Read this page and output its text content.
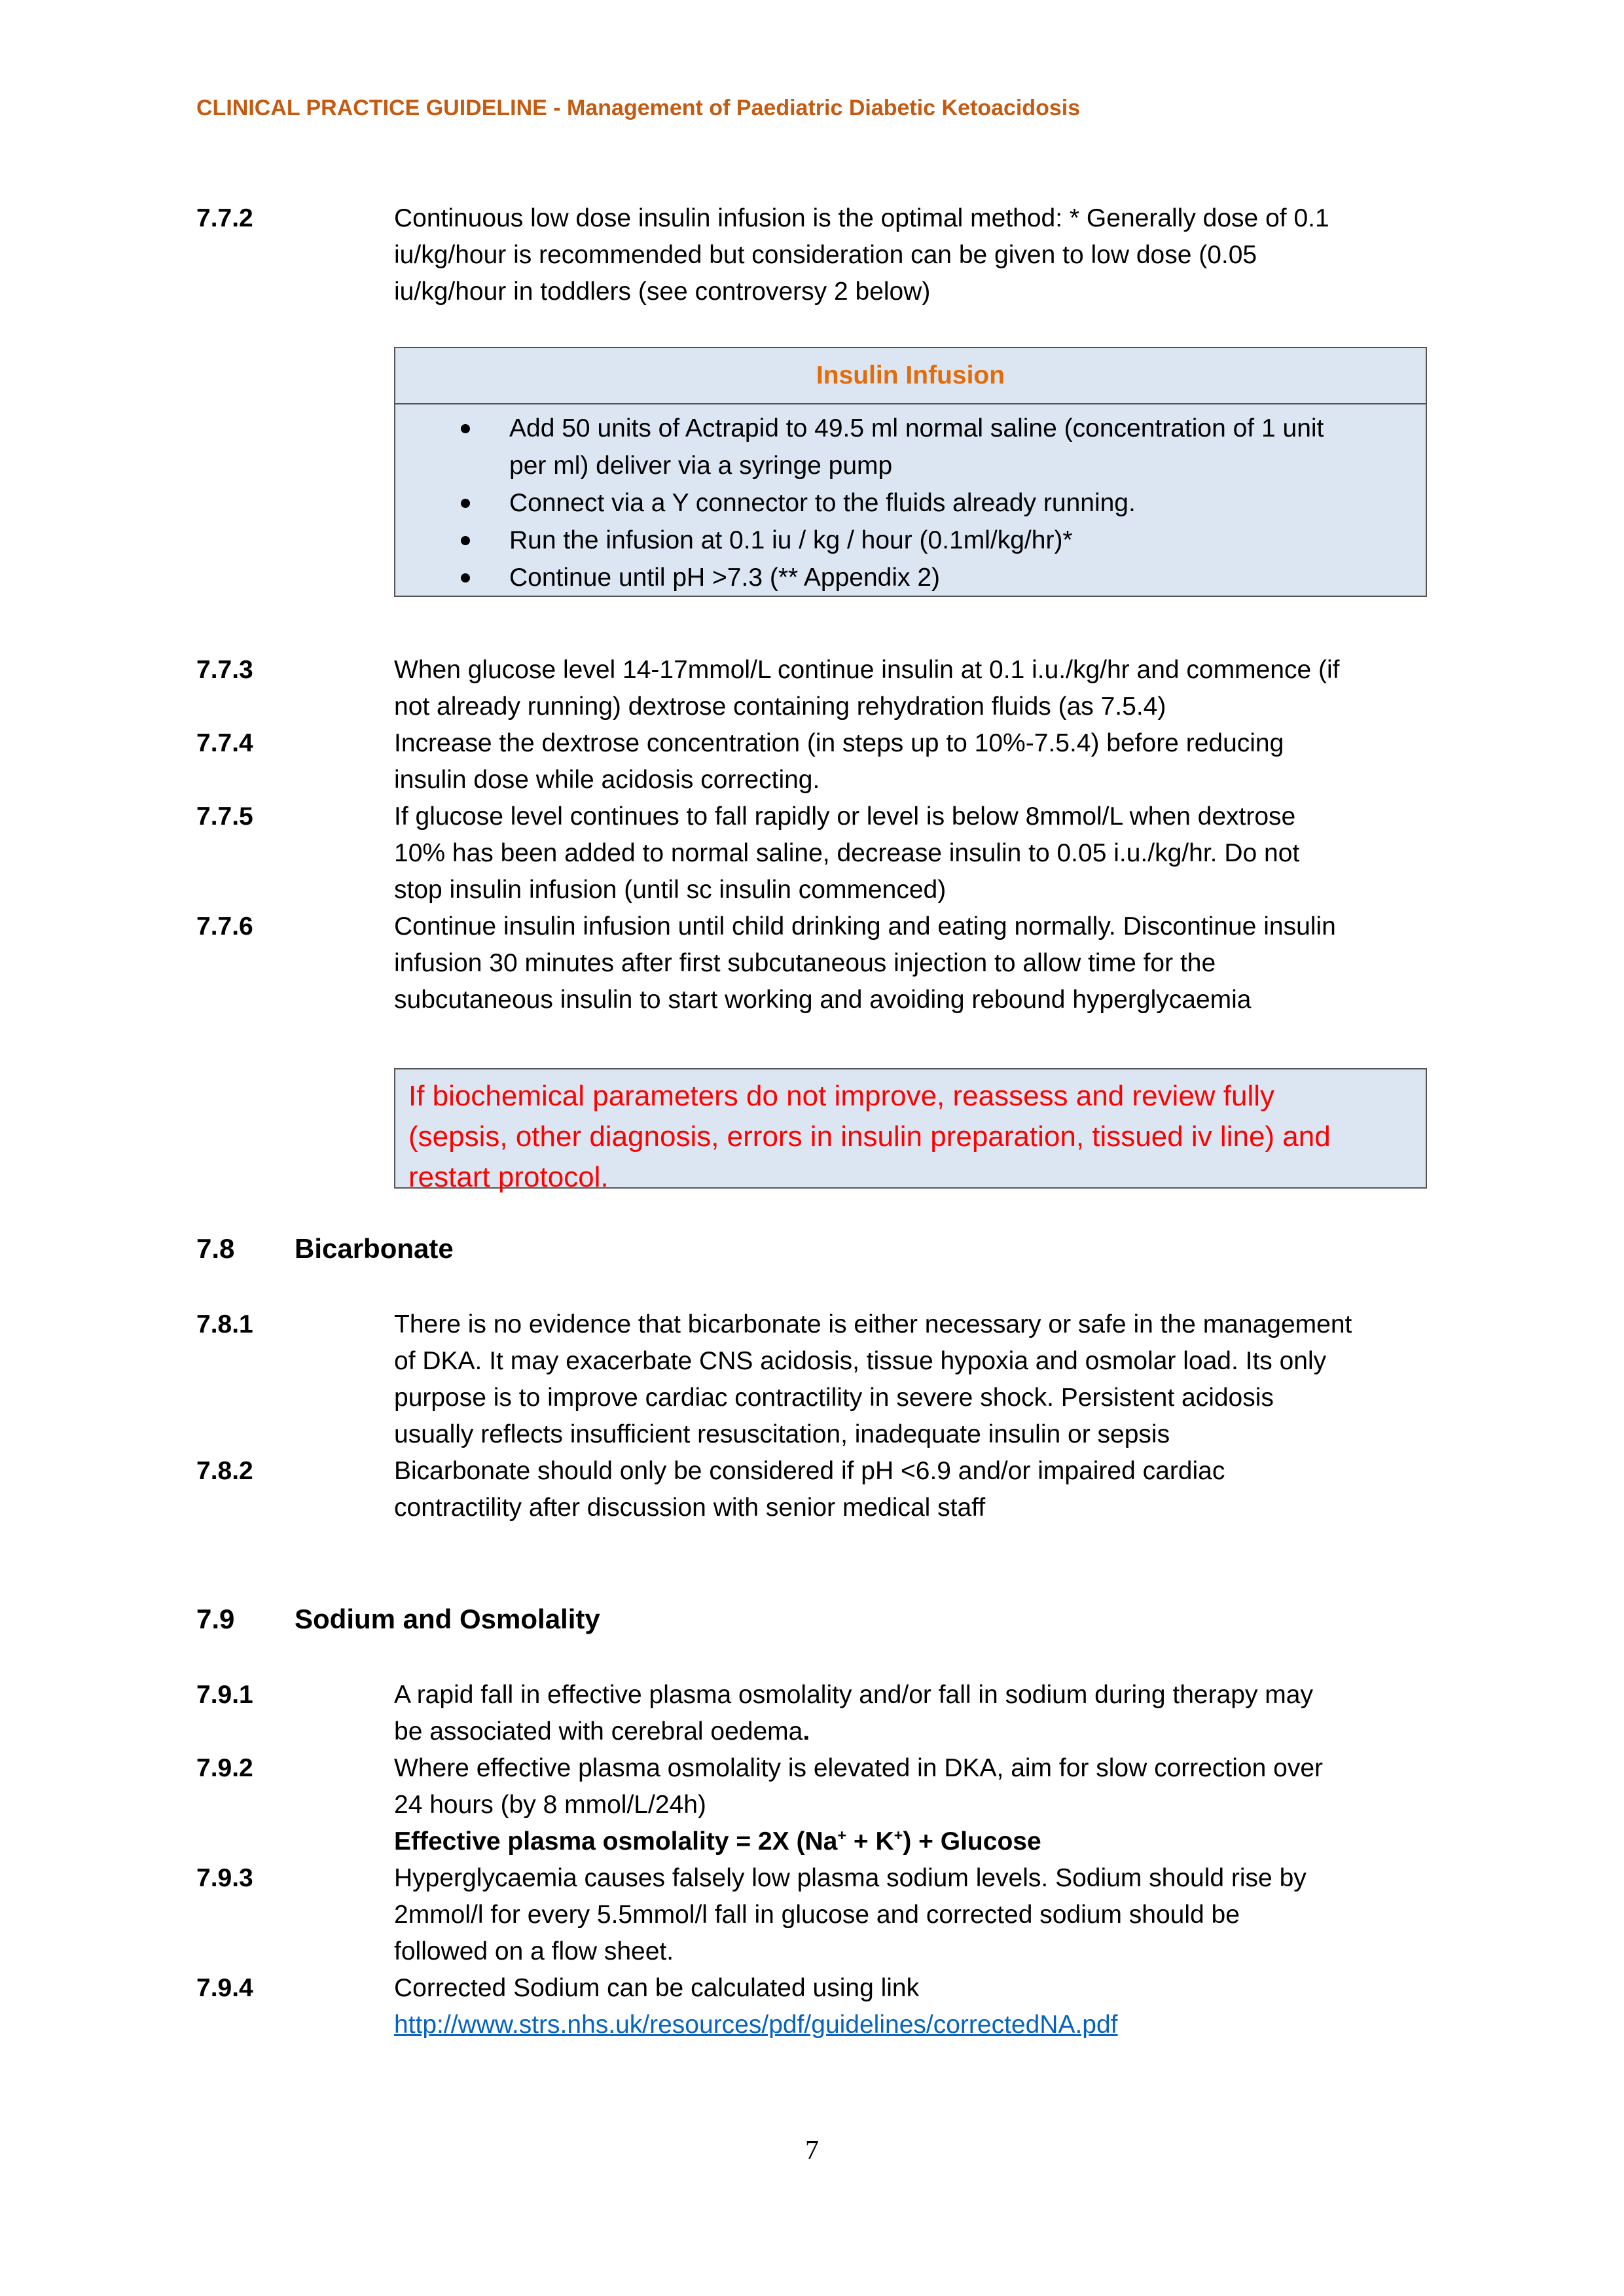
CLINICAL PRACTICE GUIDELINE - Management of Paediatric Diabetic Ketoacidosis
7.7.2	Continuous low dose insulin infusion is the optimal method: * Generally dose of 0.1

iu/kg/hour is recommended but consideration can be given to low dose (0.05

iu/kg/hour in toddlers (see controversy 2 below)

Insulin Infusion

Add 50 units of Actrapid to 49.5 ml normal saline (concentration of 1 unit

per ml) deliver via a syringe pump

Connect via a Y connector to the fluids already running.

Run the infusion at 0.1 iu / kg / hour (0.1ml/kg/hr)*

Continue until pH >7.3 (** Appendix 2)

7.7.3	When glucose level 14-17mmol/L continue insulin at 0.1 i.u./kg/hr and commence (if

not already running) dextrose containing rehydration fluids (as 7.5.4)

7.7.4	Increase the dextrose concentration (in steps up to 10%-7.5.4) before reducing

insulin dose while acidosis correcting.

7.7.5	If glucose level continues to fall rapidly or level is below 8mmol/L when dextrose

10% has been added to normal saline, decrease insulin to 0.05 i.u./kg/hr. Do not

stop insulin infusion (until sc insulin commenced)

7.7.6	Continue insulin infusion until child drinking and eating normally. Discontinue insulin

infusion 30 minutes after first subcutaneous injection to allow time for the

subcutaneous insulin to start working and avoiding rebound hyperglycaemia

If biochemical parameters do not improve, reassess and review fully

(sepsis, other diagnosis, errors in insulin preparation, tissued iv line) and

restart protocol.

7.8 Bicarbonate
7.8.1	There is no evidence that bicarbonate is either necessary or safe in the management

of DKA. It may exacerbate CNS acidosis, tissue hypoxia and osmolar load. Its only

purpose is to improve cardiac contractility in severe shock. Persistent acidosis

usually reflects insufficient resuscitation, inadequate insulin or sepsis

7.8.2	Bicarbonate should only be considered if pH <6.9 and/or impaired cardiac

contractility after discussion with senior medical staff

7.9 Sodium and Osmolality
7.9.1	A rapid fall in effective plasma osmolality and/or fall in sodium during therapy may

be associated with cerebral oedema.

7.9.2	Where effective plasma osmolality is elevated in DKA, aim for slow correction over

24 hours (by 8 mmol/L/24h)

Effective plasma osmolality = 2X (Na+ + K+) + Glucose

7.9.3	Hyperglycaemia causes falsely low plasma sodium levels. Sodium should rise by

2mmol/l for every 5.5mmol/l fall in glucose and corrected sodium should be

followed on a flow sheet.

7.9.4	Corrected Sodium can be calculated using link

http://www.strs.nhs.uk/resources/pdf/guidelines/correctedNA.pdf

7
